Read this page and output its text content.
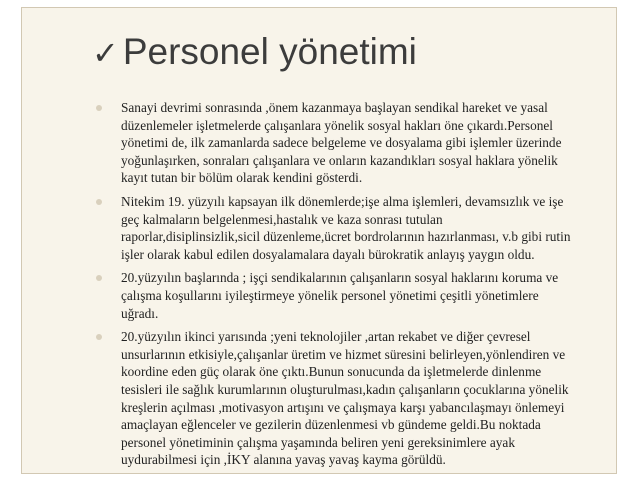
✓ Personel yönetimi
Sanayi devrimi sonrasında ,önem kazanmaya başlayan sendikal hareket ve yasal
düzenlemeler işletmelerde çalışanlara yönelik sosyal hakları öne çıkardı.Personel
yönetimi de, ilk zamanlarda sadece belgeleme ve dosyalama gibi işlemler üzerinde
yoğunlaşırken, sonraları çalışanlara ve onların kazandıkları sosyal haklara yönelik
kayıt tutan bir bölüm olarak kendini gösterdi.
Nitekim 19. yüzyılı kapsayan ilk dönemlerde;işe alma işlemleri, devamsızlık ve işe
geç kalmaların belgelenmesi,hastalık ve kaza sonrası tutulan
raporlar,disiplinsizlik,sicil düzenleme,ücret bordrolarının hazırlanması, v.b gibi rutin
işler olarak kabul edilen dosyalamalara dayalı bürokratik anlayış yaygın oldu.
20.yüzyılın başlarında ; işçi sendikalarının çalışanların sosyal haklarını koruma ve
çalışma koşullarını iyileştirmeye yönelik personel yönetimi çeşitli yönetimlere
uğradı.
20.yüzyılın ikinci yarısında ;yeni teknolojiler ,artan rekabet ve diğer çevresel
unsurlarının etkisiyle,çalışanlar üretim ve hizmet süresini belirleyen,yönlendiren ve
koordine eden güç olarak öne çıktı.Bunun sonucunda da işletmelerde dinlenme
tesisleri ile sağlık kurumlarının oluşturulması,kadın çalışanların çocuklarına yönelik
kreşlerin açılması ,motivasyon artışını ve çalışmaya karşı yabancılaşmayı önlemeyi
amaçlayan eğlenceler ve gezilerin düzenlenmesi vb gündeme geldi.Bu noktada
personel yönetiminin çalışma yaşamında beliren yeni gereksinimlere ayak
uydurabilmesi için ,İKY alanına yavaş yavaş kayma görüldü.
